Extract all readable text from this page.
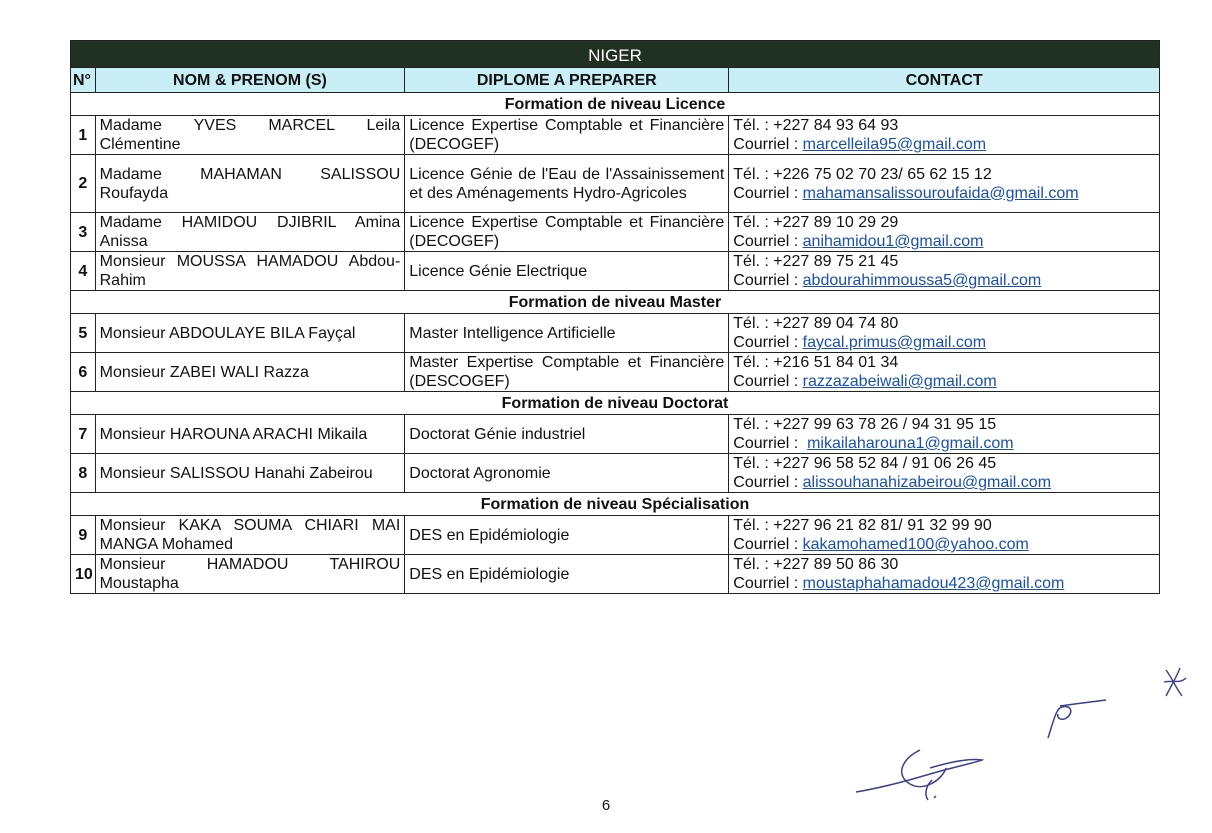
NIGER			
N°	NOM & PRENOM (S)	DIPLOME A PREPARER	CONTACT
Formation de niveau Licence			
1	Madame YVES MARCEL Leila Clémentine	Licence Expertise Comptable et Financière (DECOGEF)	Tél. : +227 84 93 64 93
Courriel : marcelleila95@gmail.com

2	Madame MAHAMAN SALISSOU Roufayda	Licence Génie de l'Eau de l'Assainissement et des Aménagements Hydro-Agricoles	Tél. : +226 75 02 70 23/ 65 62 15 12
Courriel : mahamansalissouroufaida@gmail.com

3	Madame HAMIDOU DJIBRIL Amina Anissa	Licence Expertise Comptable et Financière (DECOGEF)	Tél. : +227 89 10 29 29
Courriel : anihamidou1@gmail.com

4	Monsieur MOUSSA HAMADOU Abdou-Rahim	Licence Génie Electrique	Tél. : +227 89 75 21 45
Courriel : abdourahimmoussa5@gmail.com

Formation de niveau Master			
5	Monsieur ABDOULAYE BILA Fayçal	Master Intelligence Artificielle	Tél. : +227 89 04 74 80
Courriel : faycal.primus@gmail.com

6	Monsieur ZABEI WALI Razza	Master Expertise Comptable et Financière (DESCOGEF)	Tél. : +216 51 84 01 34
Courriel : razzazabeiwali@gmail.com

Formation de niveau Doctorat			
7	Monsieur HAROUNA ARACHI Mikaila	Doctorat Génie industriel	Tél. : +227 99 63 78 26 / 94 31 95 15
Courriel :  mikailaharouna1@gmail.com

8	Monsieur SALISSOU Hanahi Zabeirou	Doctorat Agronomie	Tél. : +227 96 58 52 84 / 91 06 26 45
Courriel : alissouhanahizabeirou@gmail.com

Formation de niveau Spécialisation			
9	Monsieur KAKA SOUMA CHIARI MAI MANGA Mohamed	DES en Epidémiologie	Tél. : +227 96 21 82 81/ 91 32 99 90
Courriel : kakamohamed100@yahoo.com

10	Monsieur HAMADOU TAHIROU Moustapha	DES en Epidémiologie	Tél. : +227 89 50 86 30
Courriel : moustaphahamadou423@gmail.com
6
